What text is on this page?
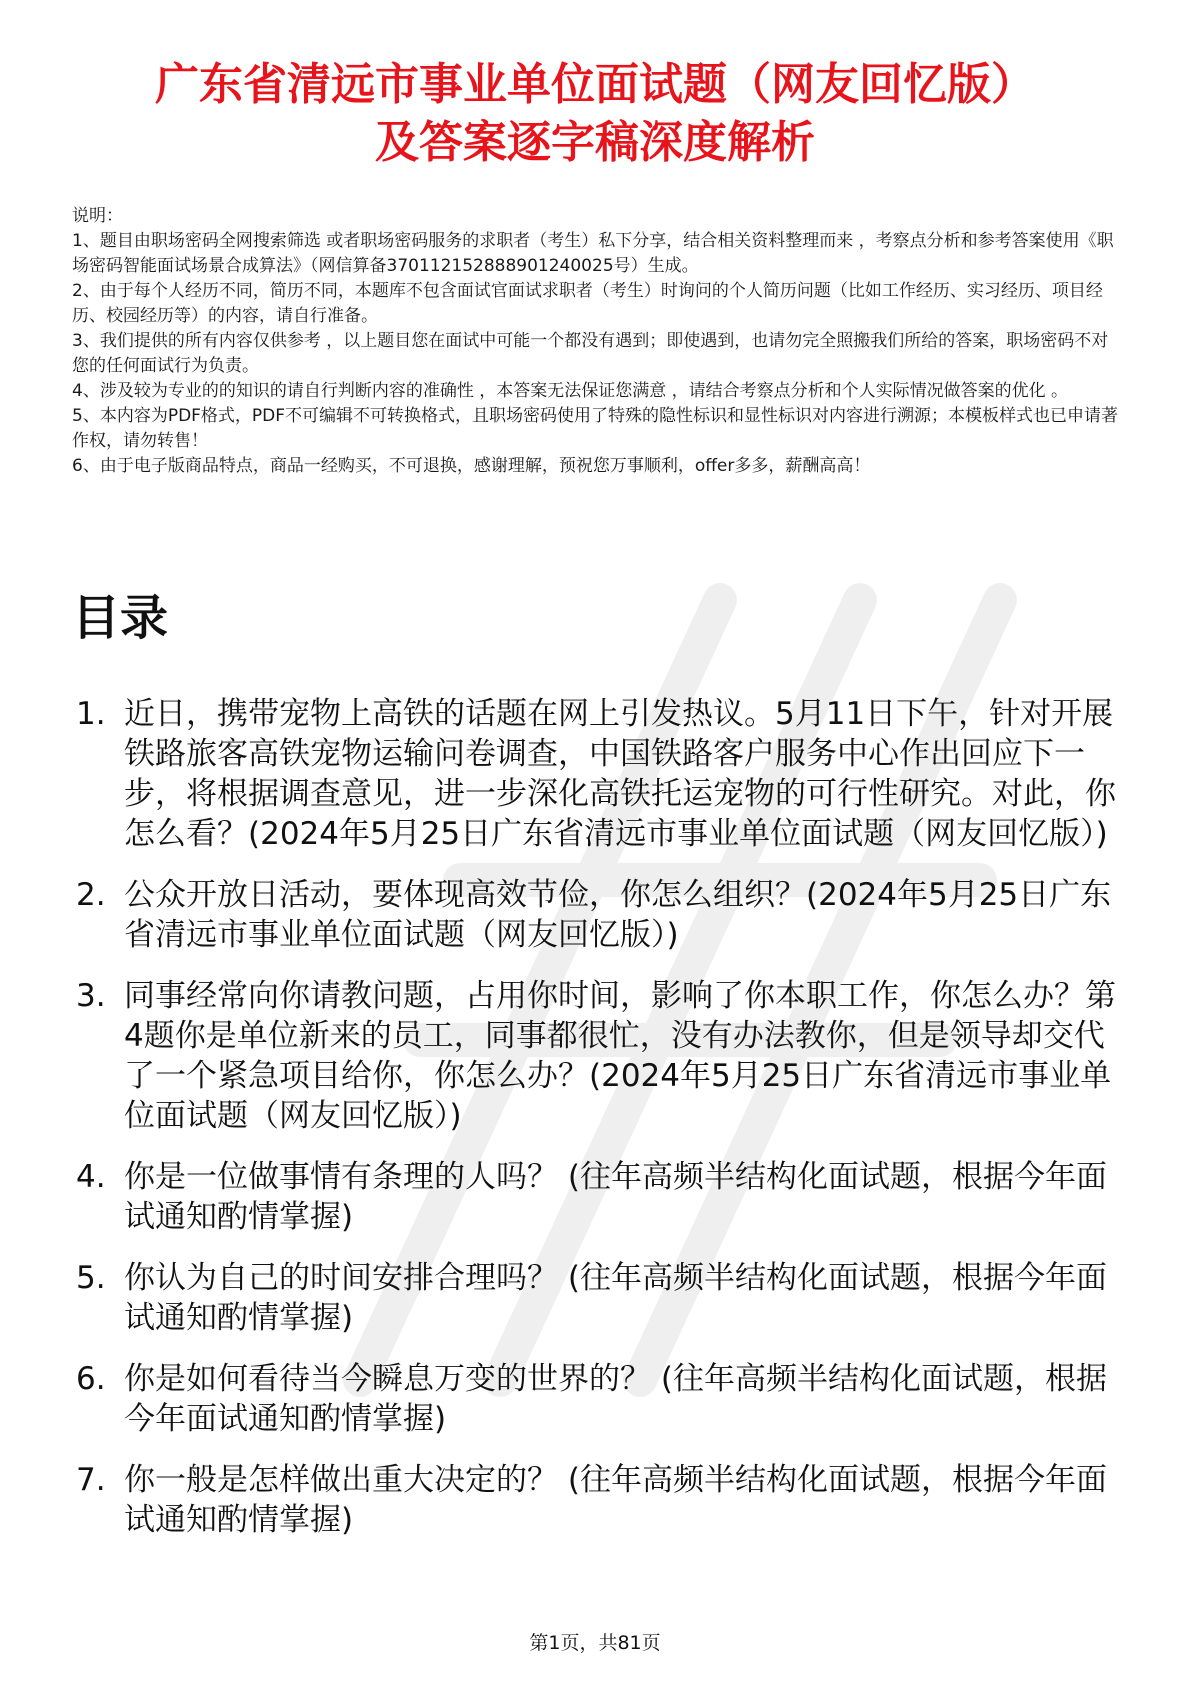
广东省清远市事业单位面试题（网友回忆版）
及答案逐字稿深度解析

说明：

1、题目由职场密码全网搜索筛选 或者职场密码服务的求职者（考生）私下分享，结合相关资料整理而来 ，考察点分析和参考答案使用《职场密码智能面试场景合成算法》（网信算备370112152888901240025号）生成。

2、由于每个人经历不同，简历不同，本题库不包含面试官面试求职者（考生）时询问的个人简历问题（比如工作经历、实习经历、项目经历、校园经历等）的内容，请自行准备。

3、我们提供的所有内容仅供参考 ，以上题目您在面试中可能一个都没有遇到；即使遇到，也请勿完全照搬我们所给的答案，职场密码不对您的任何面试行为负责。

4、涉及较为专业的的知识的请自行判断内容的准确性 ，本答案无法保证您满意 ，请结合考察点分析和个人实际情况做答案的优化 。

5、本内容为PDF格式，PDF不可编辑不可转换格式，且职场密码使用了特殊的隐性标识和显性标识对内容进行溯源；本模板样式也已申请著作权，请勿转售！

6、由于电子版商品特点，商品一经购买，不可退换，感谢理解，预祝您万事顺利，offer多多，薪酬高高！

目录
1. 近日，携带宠物上高铁的话题在网上引发热议。5月11日下午，针对开展铁路旅客高铁宠物运输问卷调查，中国铁路客户服务中心作出回应下一步，将根据调查意见，进一步深化高铁托运宠物的可行性研究。对此，你怎么看？(2024年5月25日广东省清远市事业单位面试题（网友回忆版）)
2. 公众开放日活动，要体现高效节俭，你怎么组织？(2024年5月25日广东省清远市事业单位面试题（网友回忆版）)
3. 同事经常向你请教问题，占用你时间，影响了你本职工作，你怎么办？第4题你是单位新来的员工，同事都很忙，没有办法教你，但是领导却交代了一个紧急项目给你，你怎么办？(2024年5月25日广东省清远市事业单位面试题（网友回忆版）)
4. 你是一位做事情有条理的人吗？ (往年高频半结构化面试题，根据今年面试通知酌情掌握)
5. 你认为自己的时间安排合理吗？ (往年高频半结构化面试题，根据今年面试通知酌情掌握)
6. 你是如何看待当今瞬息万变的世界的？ (往年高频半结构化面试题，根据今年面试通知酌情掌握)
7. 你一般是怎样做出重大决定的？ (往年高频半结构化面试题，根据今年面试通知酌情掌握)
第1页，共81页
